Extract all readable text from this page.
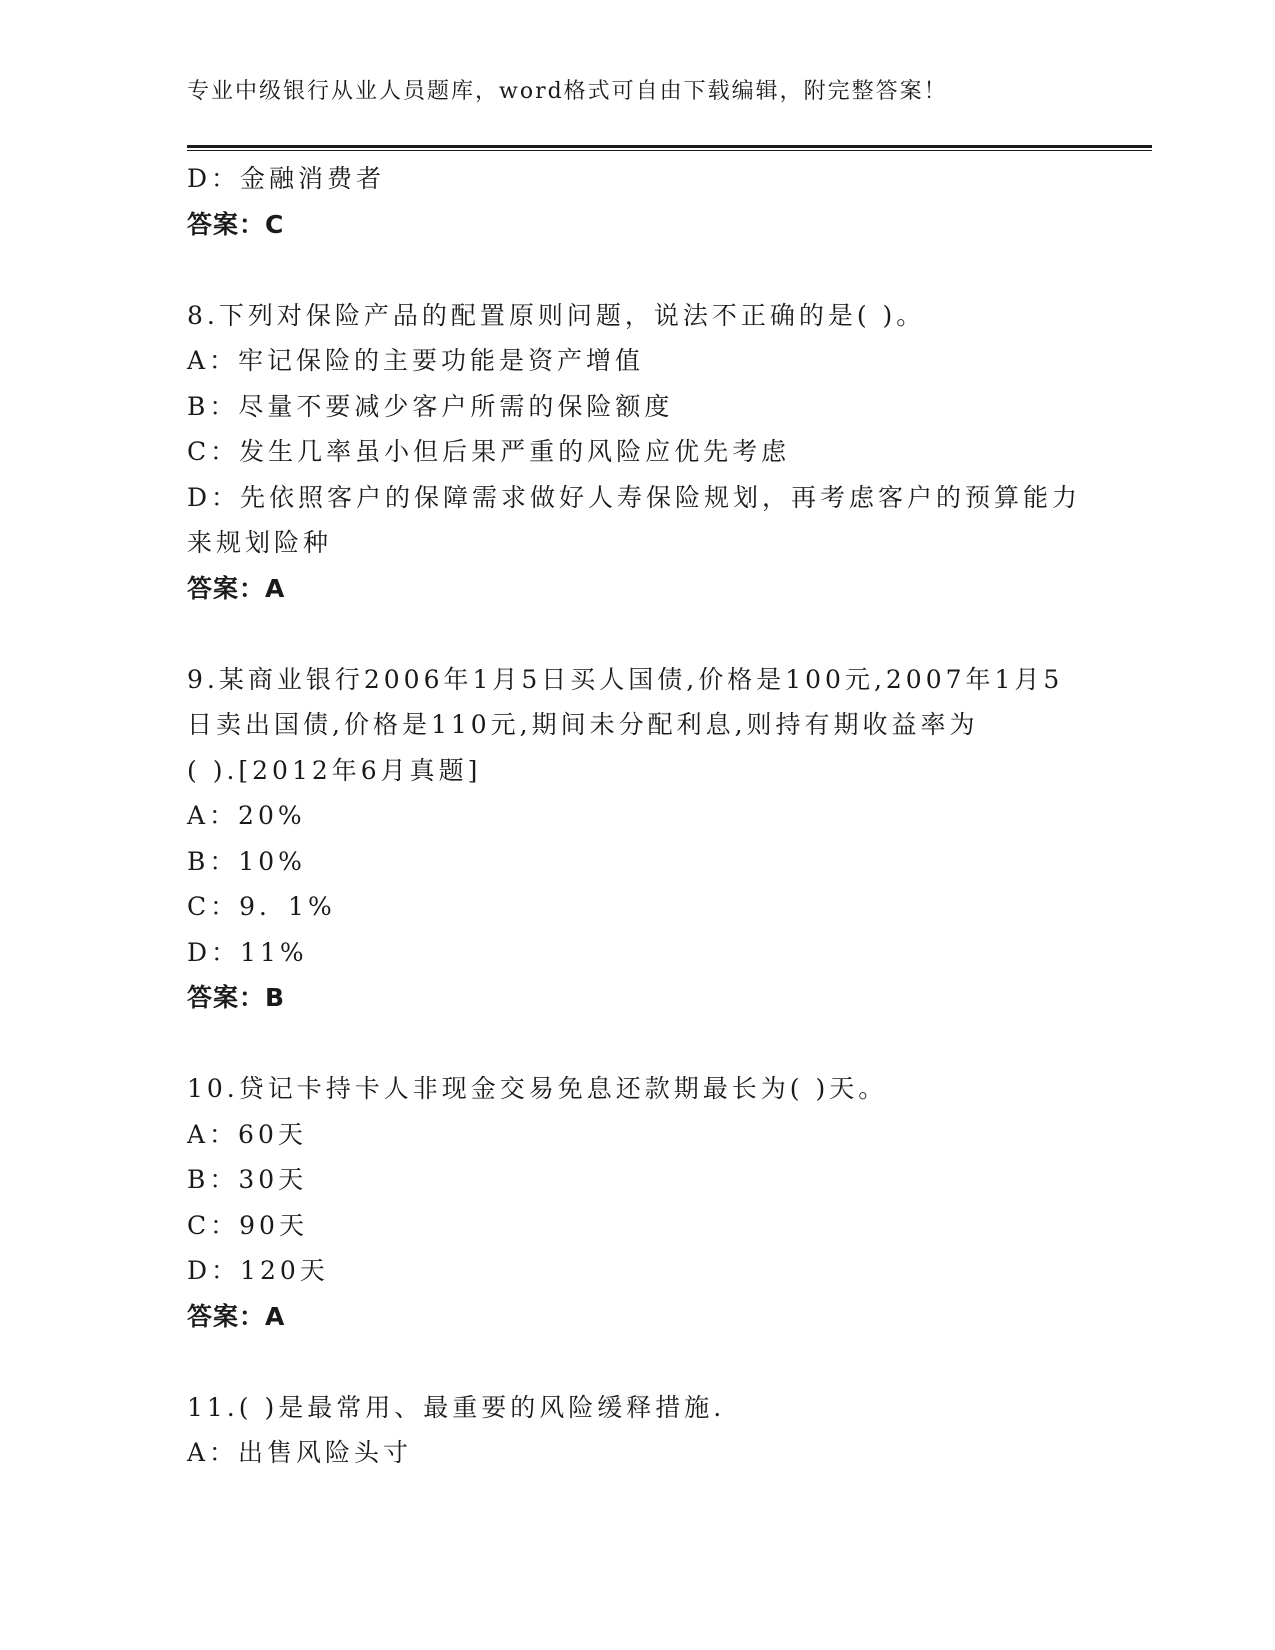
专业中级银行从业人员题库，word格式可自由下载编辑，附完整答案！
D：金融消费者
答案：C
8.下列对保险产品的配置原则问题，说法不正确的是( )。
A：牢记保险的主要功能是资产增值
B：尽量不要减少客户所需的保险额度
C：发生几率虽小但后果严重的风险应优先考虑
D：先依照客户的保障需求做好人寿保险规划，再考虑客户的预算能力
来规划险种
答案：A
9.某商业银行2006年1月5日买人国债,价格是100元,2007年1月5
日卖出国债,价格是110元,期间未分配利息,则持有期收益率为
( ).[2012年6月真题]
A：20%
B：10%
C：9．1%
D：11%
答案：B
10.贷记卡持卡人非现金交易免息还款期最长为( )天。
A：60天
B：30天
C：90天
D：120天
答案：A
11.( )是最常用、最重要的风险缓释措施.
A：出售风险头寸
